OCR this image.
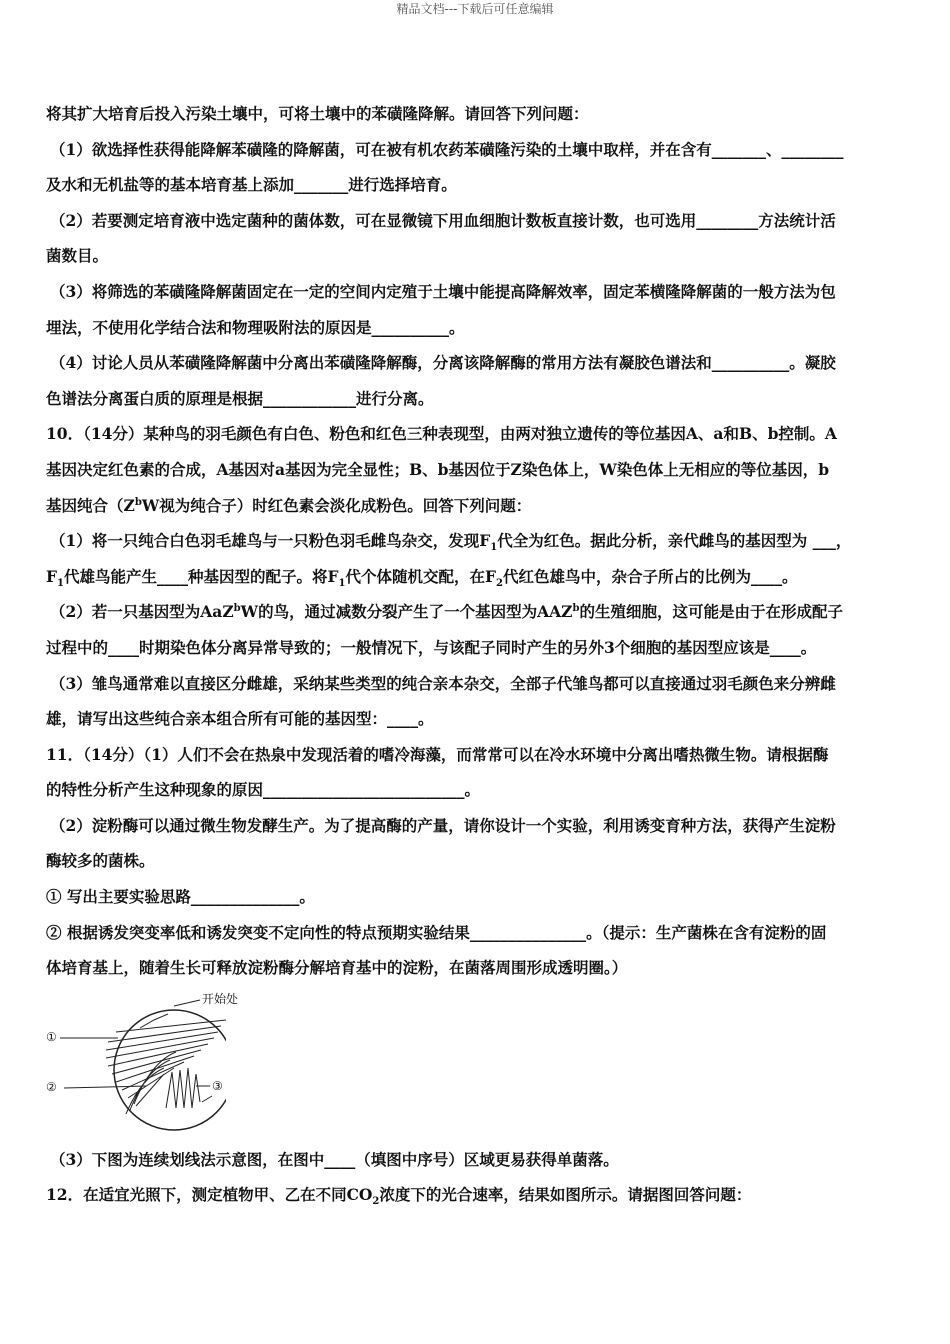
精品文档---下载后可任意编辑
将其扩大培育后投入污染土壤中，可将土壤中的苯磺隆降解。请回答下列问题：
（1）欲选择性获得能降解苯磺隆的降解菌，可在被有机农药苯磺隆污染的土壤中取样，并在含有_______、________
及水和无机盐等的基本培育基上添加_______进行选择培育。
（2）若要测定培育液中选定菌种的菌体数，可在显微镜下用血细胞计数板直接计数，也可选用________方法统计活
菌数目。
（3）将筛选的苯磺隆降解菌固定在一定的空间内定殖于土壤中能提高降解效率，固定苯横隆降解菌的一般方法为包
埋法，不使用化学结合法和物理吸附法的原因是__________。
（4）讨论人员从苯磺隆降解菌中分离出苯磺隆降解酶，分离该降解酶的常用方法有凝胶色谱法和__________。凝胶
色谱法分离蛋白质的原理是根据____________进行分离。
10．（14分）某种鸟的羽毛颜色有白色、粉色和红色三种表现型，由两对独立遗传的等位基因A、a和B、b控制。A
基因决定红色素的合成，A基因对a基因为完全显性；B、b基因位于Z染色体上，W染色体上无相应的等位基因，b
基因纯合（$Z^bW$视为纯合子）时红色素会淡化成粉色。回答下列问题：
（1）将一只纯合白色羽毛雄鸟与一只粉色羽毛雌鸟杂交，发现$F_1$代全为红色。据此分析，亲代雌鸟的基因型为 ___，
$F_1$代雄鸟能产生____种基因型的配子。将$F_1$代个体随机交配，在$F_2$代红色雄鸟中，杂合子所占的比例为____。
（2）若一只基因型为AaZ$^b$W的鸟，通过减数分裂产生了一个基因型为AAZ$^b$的生殖细胞，这可能是由于在形成配子
过程中的____时期染色体分离异常导致的；一般情况下，与该配子同时产生的另外3个细胞的基因型应该是____。
（3）雏鸟通常难以直接区分雌雄，采纳某些类型的纯合亲本杂交，全部子代雏鸟都可以直接通过羽毛颜色来分辨雌
雄，请写出这些纯合亲本组合所有可能的基因型：____。
11．（14分）（1）人们不会在热泉中发现活着的嗜冷海藻，而常常可以在冷水环境中分离出嗜热微生物。请根据酶
的特性分析产生这种现象的原因__________________________。
（2）淀粉酶可以通过微生物发酵生产。为了提高酶的产量，请你设计一个实验，利用诱变育种方法，获得产生淀粉
酶较多的菌株。
① 写出主要实验思路______________。
② 根据诱发突变率低和诱发突变不定向性的特点预期实验结果_______________。（提示：生产菌株在含有淀粉的固
体培育基上，随着生长可释放淀粉酶分解培育基中的淀粉，在菌落周围形成透明圈。）
开始处
①
②	③
（3）下图为连续划线法示意图，在图中____（填图中序号）区域更易获得单菌落。
12．在适宜光照下，测定植物甲、乙在不同$CO_2$浓度下的光合速率，结果如图所示。请据图回答问题：
